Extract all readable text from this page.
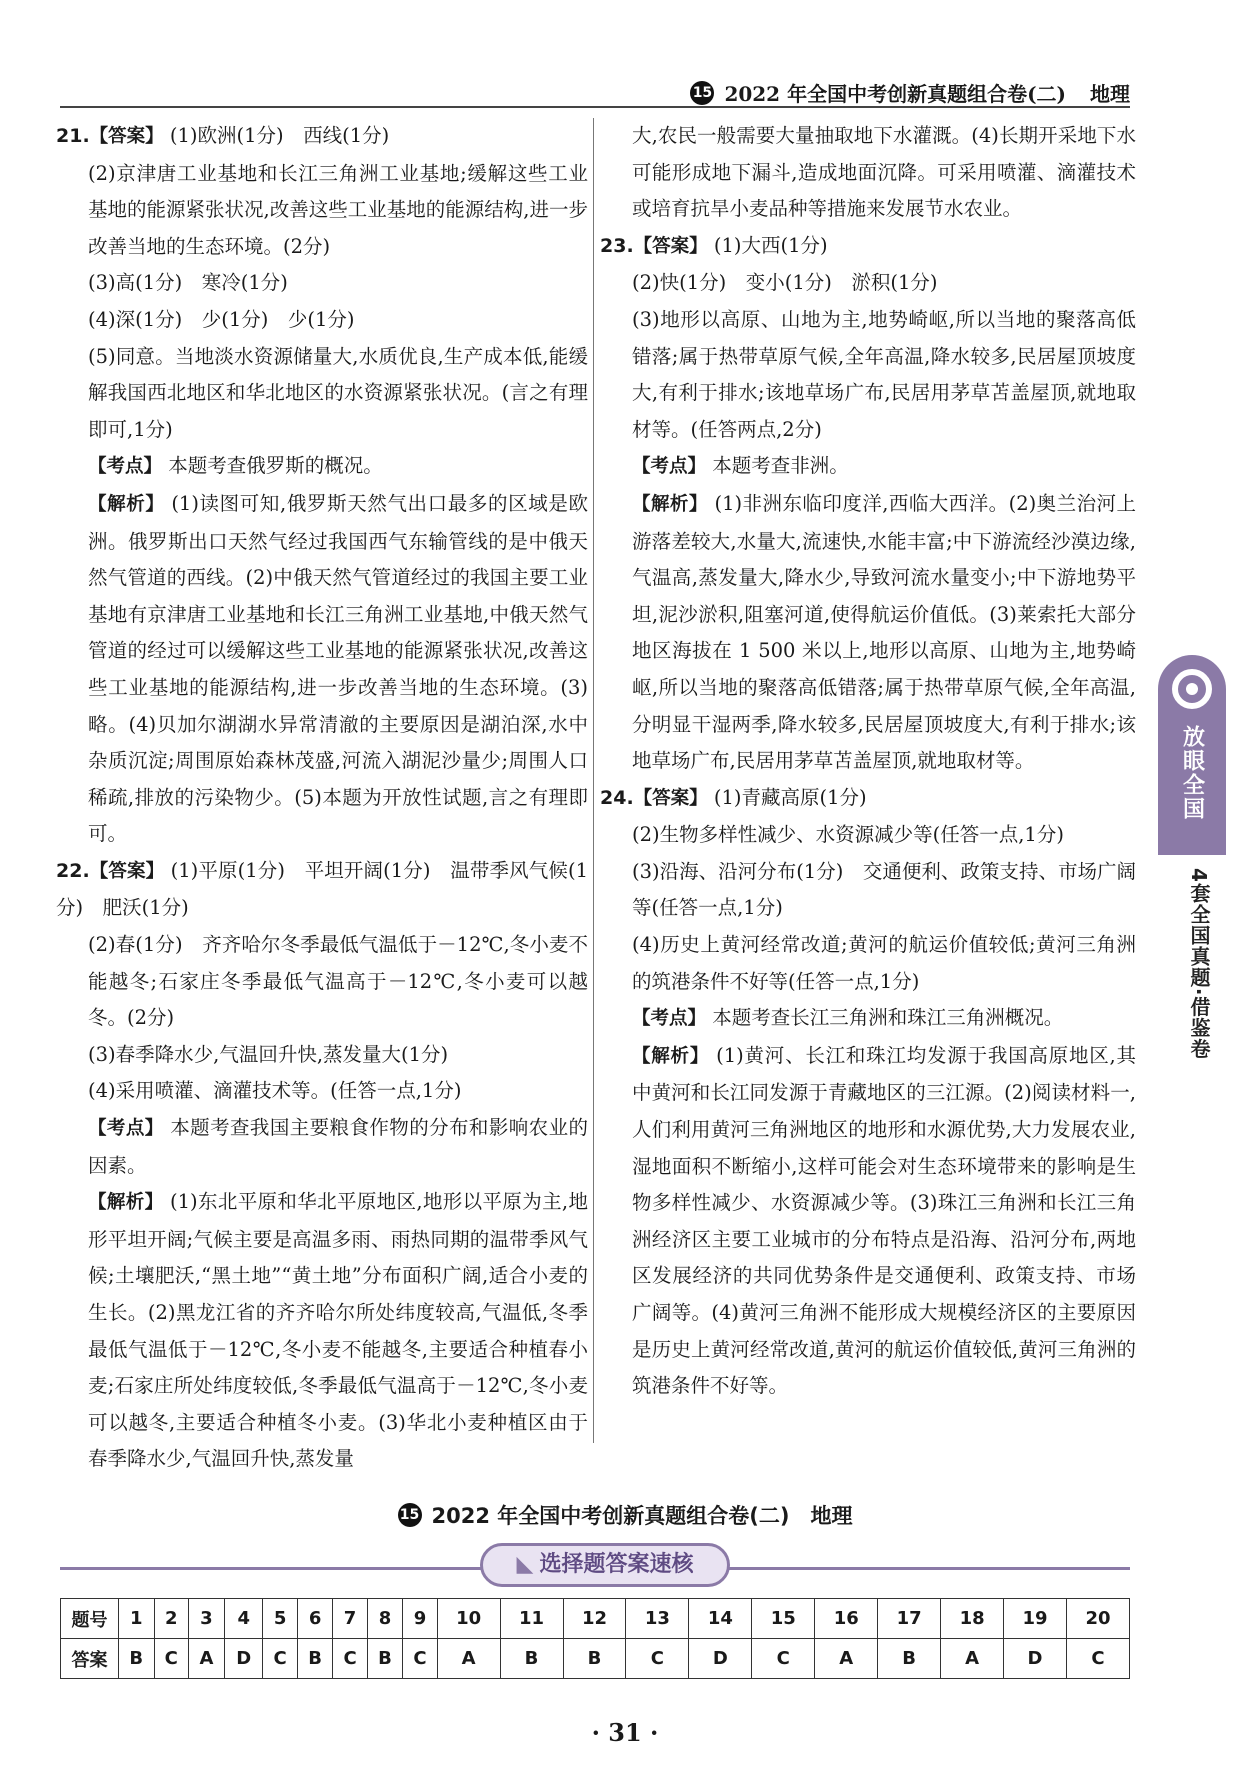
15 2022 年全国中考创新真题组合卷(二) 地理
21.【答案】 (1)欧洲(1分)　西线(1分)
(2)京津唐工业基地和长江三角洲工业基地;缓解这些工业基地的能源紧张状况,改善这些工业基地的能源结构,进一步改善当地的生态环境。(2分)
(3)高(1分)　寒冷(1分)
(4)深(1分)　少(1分)　少(1分)
(5)同意。当地淡水资源储量大,水质优良,生产成本低,能缓解我国西北地区和华北地区的水资源紧张状况。(言之有理即可,1分)
【考点】 本题考查俄罗斯的概况。
【解析】 (1)读图可知,俄罗斯天然气出口最多的区域是欧洲。俄罗斯出口天然气经过我国西气东输管线的是中俄天然气管道的西线。(2)中俄天然气管道经过的我国主要工业基地有京津唐工业基地和长江三角洲工业基地,中俄天然气管道的经过可以缓解这些工业基地的能源紧张状况,改善这些工业基地的能源结构,进一步改善当地的生态环境。(3)略。(4)贝加尔湖湖水异常清澈的主要原因是湖泊深,水中杂质沉淀;周围原始森林茂盛,河流入湖泥沙量少;周围人口稀疏,排放的污染物少。(5)本题为开放性试题,言之有理即可。
22.【答案】 (1)平原(1分)　平坦开阔(1分)　温带季风气候(1分)　肥沃(1分)
(2)春(1分)　齐齐哈尔冬季最低气温低于－12℃,冬小麦不能越冬;石家庄冬季最低气温高于－12℃,冬小麦可以越冬。(2分)
(3)春季降水少,气温回升快,蒸发量大(1分)
(4)采用喷灌、滴灌技术等。(任答一点,1分)
【考点】 本题考查我国主要粮食作物的分布和影响农业的因素。
【解析】 (1)东北平原和华北平原地区,地形以平原为主,地形平坦开阔;气候主要是高温多雨、雨热同期的温带季风气候;土壤肥沃,“黑土地”“黄土地”分布面积广阔,适合小麦的生长。(2)黑龙江省的齐齐哈尔所处纬度较高,气温低,冬季最低气温低于－12℃,冬小麦不能越冬,主要适合种植春小麦;石家庄所处纬度较低,冬季最低气温高于－12℃,冬小麦可以越冬,主要适合种植冬小麦。(3)华北小麦种植区由于春季降水少,气温回升快,蒸发量
大,农民一般需要大量抽取地下水灌溉。(4)长期开采地下水可能形成地下漏斗,造成地面沉降。可采用喷灌、滴灌技术或培育抗旱小麦品种等措施来发展节水农业。
23.【答案】 (1)大西(1分)
(2)快(1分)　变小(1分)　淤积(1分)
(3)地形以高原、山地为主,地势崎岖,所以当地的聚落高低错落;属于热带草原气候,全年高温,降水较多,民居屋顶坡度大,有利于排水;该地草场广布,民居用茅草苫盖屋顶,就地取材等。(任答两点,2分)
【考点】 本题考查非洲。
【解析】 (1)非洲东临印度洋,西临大西洋。(2)奥兰治河上游落差较大,水量大,流速快,水能丰富;中下游流经沙漠边缘,气温高,蒸发量大,降水少,导致河流水量变小;中下游地势平坦,泥沙淤积,阻塞河道,使得航运价值低。(3)莱索托大部分地区海拔在 1 500 米以上,地形以高原、山地为主,地势崎岖,所以当地的聚落高低错落;属于热带草原气候,全年高温,分明显干湿两季,降水较多,民居屋顶坡度大,有利于排水;该地草场广布,民居用茅草苫盖屋顶,就地取材等。
24.【答案】 (1)青藏高原(1分)
(2)生物多样性减少、水资源减少等(任答一点,1分)
(3)沿海、沿河分布(1分)　交通便利、政策支持、市场广阔等(任答一点,1分)
(4)历史上黄河经常改道;黄河的航运价值较低;黄河三角洲的筑港条件不好等(任答一点,1分)
【考点】 本题考查长江三角洲和珠江三角洲概况。
【解析】 (1)黄河、长江和珠江均发源于我国高原地区,其中黄河和长江同发源于青藏地区的三江源。(2)阅读材料一,人们利用黄河三角洲地区的地形和水源优势,大力发展农业,湿地面积不断缩小,这样可能会对生态环境带来的影响是生物多样性减少、水资源减少等。(3)珠江三角洲和长江三角洲经济区主要工业城市的分布特点是沿海、沿河分布,两地区发展经济的共同优势条件是交通便利、政策支持、市场广阔等。(4)黄河三角洲不能形成大规模经济区的主要原因是历史上黄河经常改道,黄河的航运价值较低,黄河三角洲的筑港条件不好等。
放眼全国
4套全国真题·借鉴卷
15 2022 年全国中考创新真题组合卷(二)　地理
◣ 选择题答案速核
题号	1	2	3	4	5	6	7	8	9	10	11	12	13	14	15	16	17	18	19	20
答案	B	C	A	D	C	B	C	B	C	A	B	B	C	D	C	A	B	A	D	C
· 31 ·
